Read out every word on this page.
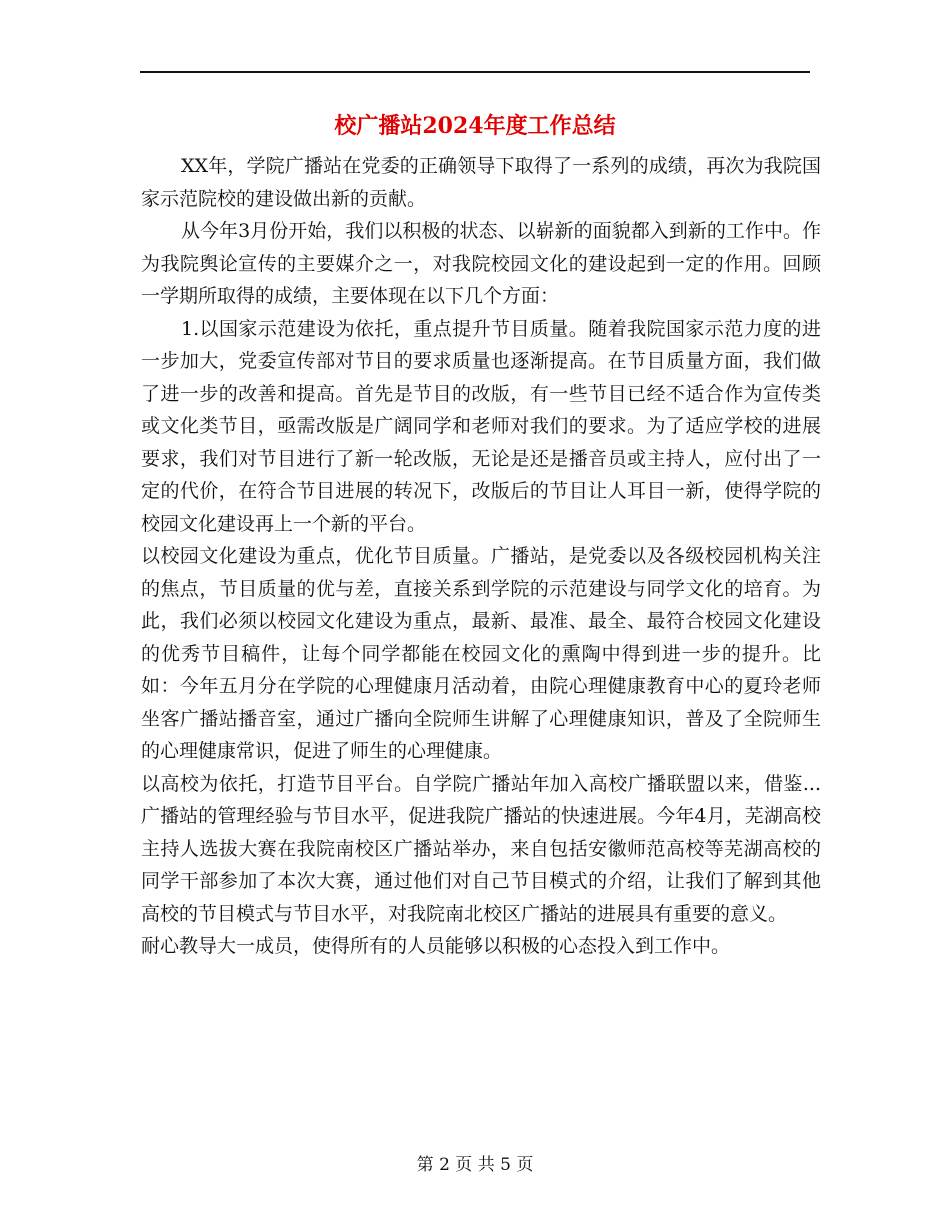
校广播站2024年度工作总结

XX年，学院广播站在党委的正确领导下取得了一系列的成绩，再次为我院国家示范院校的建设做出新的贡献。

从今年3月份开始，我们以积极的状态、以崭新的面貌都入到新的工作中。作为我院舆论宣传的主要媒介之一，对我院校园文化的建设起到一定的作用。回顾一学期所取得的成绩，主要体现在以下几个方面：

1.以国家示范建设为依托，重点提升节目质量。随着我院国家示范力度的进一步加大，党委宣传部对节目的要求质量也逐渐提高。在节目质量方面，我们做了进一步的改善和提高。首先是节目的改版，有一些节目已经不适合作为宣传类或文化类节目，亟需改版是广阔同学和老师对我们的要求。为了适应学校的进展要求，我们对节目进行了新一轮改版，无论是还是播音员或主持人，应付出了一定的代价，在符合节目进展的转况下，改版后的节目让人耳目一新，使得学院的校园文化建设再上一个新的平台。

以校园文化建设为重点，优化节目质量。广播站，是党委以及各级校园机构关注的焦点，节目质量的优与差，直接关系到学院的示范建设与同学文化的培育。为此，我们必须以校园文化建设为重点，最新、最准、最全、最符合校园文化建设的优秀节目稿件，让每个同学都能在校园文化的熏陶中得到进一步的提升。比如：今年五月分在学院的心理健康月活动着，由院心理健康教育中心的夏玲老师坐客广播站播音室，通过广播向全院师生讲解了心理健康知识，普及了全院师生的心理健康常识，促进了师生的心理健康。

以高校为依托，打造节目平台。自学院广播站年加入高校广播联盟以来，借鉴...广播站的管理经验与节目水平，促进我院广播站的快速进展。今年4月，芜湖高校主持人选拔大赛在我院南校区广播站举办，来自包括安徽师范高校等芜湖高校的同学干部参加了本次大赛，通过他们对自己节目模式的介绍，让我们了解到其他高校的节目模式与节目水平，对我院南北校区广播站的进展具有重要的意义。

耐心教导大一成员，使得所有的人员能够以积极的心态投入到工作中。

第 2 页 共 5 页
